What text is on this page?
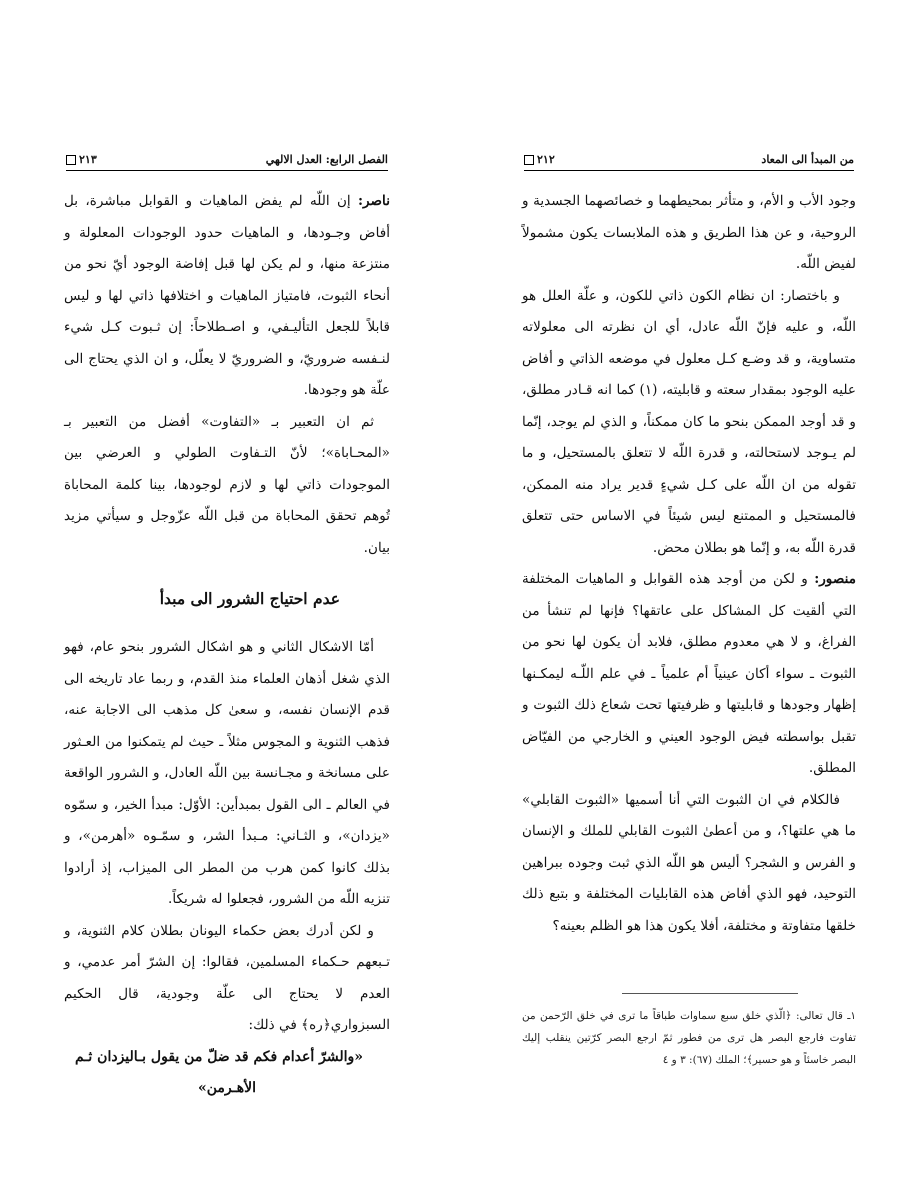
الفصل الرابع: العدل الالهي
٢١٣

ناصر: إن اللّه لم يفض الماهيات و القوابل مباشرة، بل أفاض وجـودها، و الماهيات حدود الوجودات المعلولة و منتزعة منها، و لم يكن لها قبل إفاضة الوجود أيّ نحو من أنحاء الثبوت، فامتياز الماهيات و اختلافها ذاتي لها و ليس قابلاً للجعل التأليـفي، و اصـطلاحاً: إن ثـبوت كـل شيء لنـفسه ضروريّ، و الضروريّ لا يعلّل، و ان الذي يحتاج الى علّة هو وجودها.

ثم ان التعبير بـ «التفاوت» أفضل من التعبير بـ «المحـاباة»؛ لأنّ التـفاوت الطولي و العرضي بين الموجودات ذاتي لها و لازم لوجودها، بينا كلمة المحاباة تُوهم تحقق المحاباة من قبل اللّه عزّوجل و سيأتي مزيد بيان.

عدم احتياج الشرور الى مبدأ

أمّا الاشكال الثاني و هو اشكال الشرور بنحو عام، فهو الذي شغل أذهان العلماء منذ القدم، و ربما عاد تاريخه الى قدم الإنسان نفسه، و سعىٰ كل مذهب الى الاجابة عنه، فذهب الثنوية و المجوس مثلاً ـ حيث لم يتمكنوا من العـثور على مسانخة و مجـانسة بين اللّه العادل، و الشرور الواقعة في العالم ـ الى القول بمبدأين: الأوّل: مبدأ الخير، و سمّوه «يزدان»، و الثـاني: مـبدأ الشر، و سمّـوه «أهرمن»، و بذلك كانوا كمن هرب من المطر الى الميزاب، إذ أرادوا تنزيه اللّه من الشرور، فجعلوا له شريكاً.

و لكن أدرك بعض حكماء اليونان بطلان كلام الثنوية، و تـبعهم حـكماء المسلمين، فقالوا: إن الشرّ أمر عدمي، و العدم لا يحتاج الى علّة وجودية، قال الحكيم السبزواري﴿ره﴾ في ذلك:

«والشرّ أعدام فكم قد ضلّ من يقول بـاليزدان ثـم الأهـرمن»

من المبدأ الى المعاد
٢١٢

وجود الأب و الأم، و متأثر بمحيطهما و خصائصهما الجسدية و الروحية، و عن هذا الطريق و هذه الملابسات يكون مشمولاً لفيض اللّه.

و باختصار: ان نظام الكون ذاتي للكون، و علّة العلل هو اللّه، و عليه فإنّ اللّه عادل، أي ان نظرته الى معلولاته متساوية، و قد وضـع كـل معلول في موضعه الذاتي و أفاض عليه الوجود بمقدار سعته و قابليته، (١) كما انه قـادر مطلق، و قد أوجد الممكن بنحو ما كان ممكناً، و الذي لم يوجد، إنّما لم يـوجد لاستحالته، و قدرة اللّه لا تتعلق بالمستحيل، و ما تقوله من ان اللّه على كـل شيءٍ قدير يراد منه الممكن، فالمستحيل و الممتنع ليس شيئاً في الاساس حتى تتعلق قدرة اللّه به، و إنّما هو بطلان محض.

منصور: و لكن من أوجد هذه القوابل و الماهيات المختلفة التي ألقيت كل المشاكل على عاتقها؟ فإنها لم تنشأ من الفراغ، و لا هي معدوم مطلق، فلابد أن يكون لها نحو من الثبوت ـ سواء أكان عينياً أم علمياً ـ في علم اللّـه ليمكـنها إظهار وجودها و قابليتها و ظرفيتها تحت شعاع ذلك الثبوت و تقبل بواسطته فيض الوجود العيني و الخارجي من الفيّاض المطلق.

فالكلام في ان الثبوت التي أنا أسميها «الثبوت القابلي» ما هي علتها؟، و من أعطىٰ الثبوت القابلي للملك و الإنسان و الفرس و الشجر؟ أليس هو اللّه الذي ثبت وجوده ببراهين التوحيد، فهو الذي أفاض هذه القابليات المختلفة و بتبع ذلك خلقها متفاوتة و مختلفة، أفلا يكون هذا هو الظلم بعينه؟

١ـ قال تعالى: ﴿الّذي خلق سبع سماوات طباقاً ما ترى في خلق الرّحمن من تفاوت فارجع البصر هل ترى من فطور ثمّ ارجع البصر كرّتين ينقلب إليك البصر خاسئاً و هو حسير﴾؛ الملك (٦٧): ٣ و ٤
